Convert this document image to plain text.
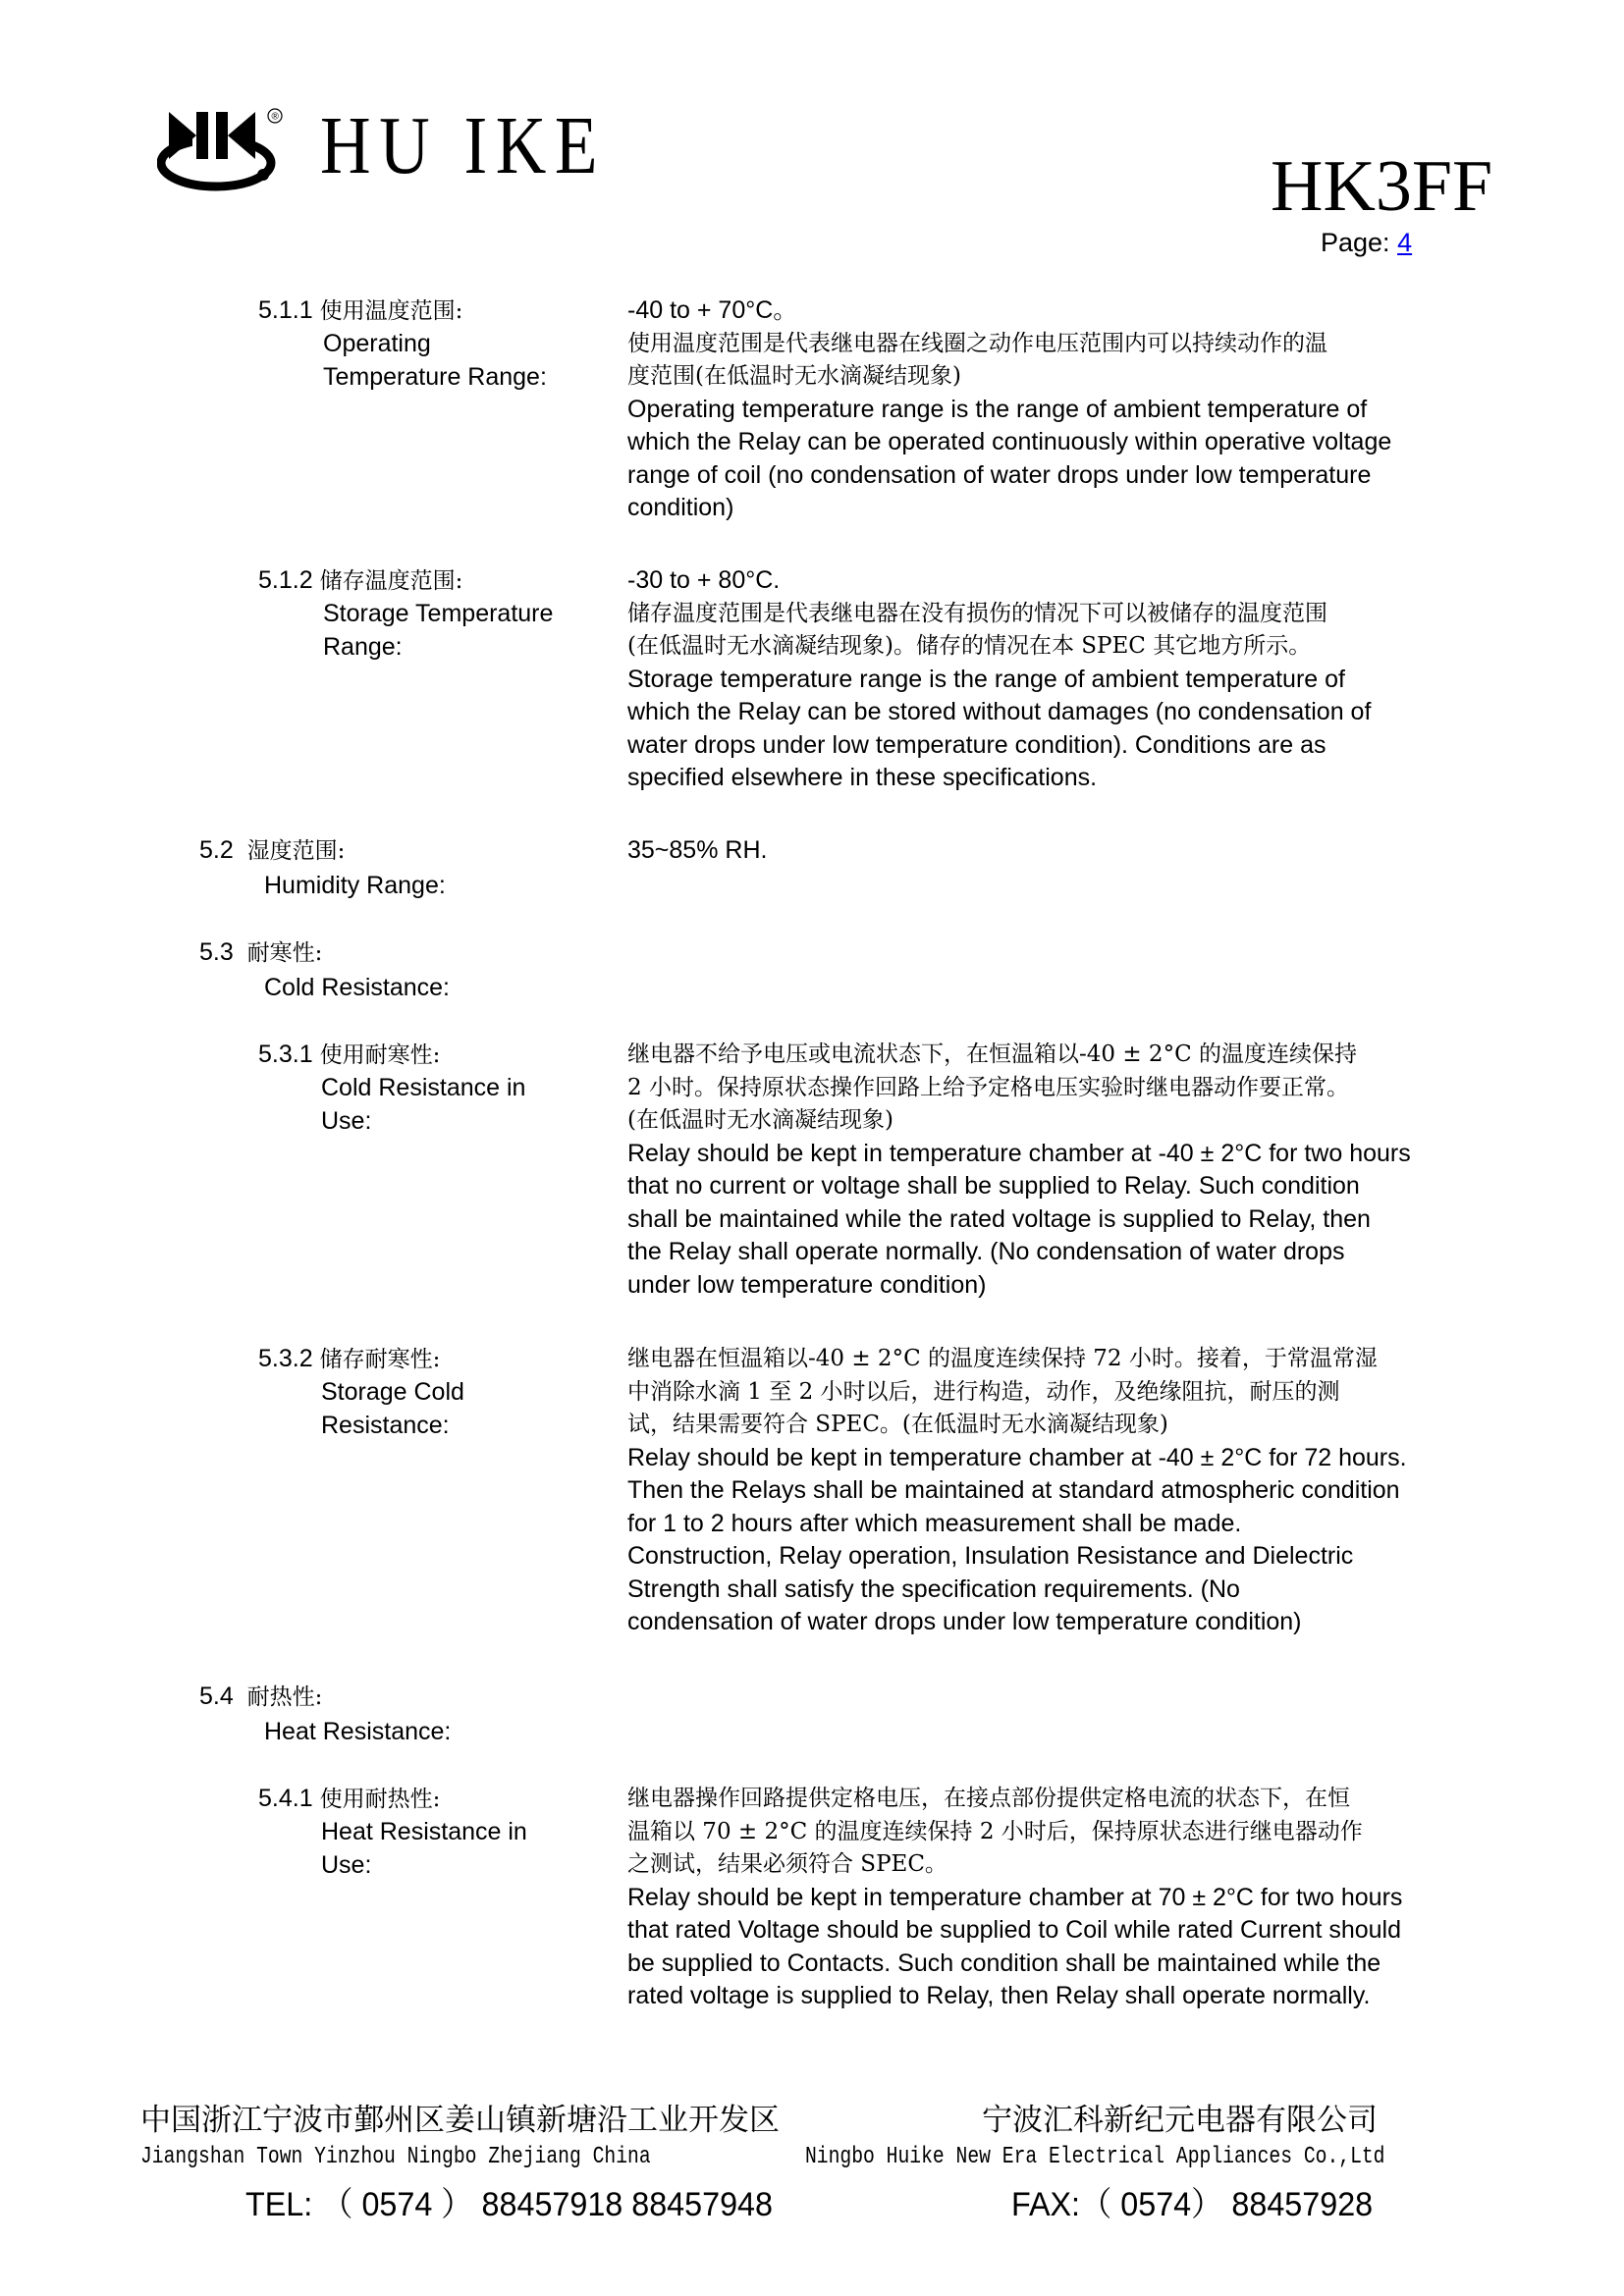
® HU IKE	HK3FF
Page: 4
5.1.1 使用温度范围:
Operating
Temperature Range:
-40 to + 70°C。
使用温度范围是代表继电器在线圈之动作电压范围内可以持续动作的温
度范围(在低温时无水滴凝结现象)
Operating temperature range is the range of ambient temperature of
which the Relay can be operated continuously within operative voltage
range of coil (no condensation of water drops under low temperature
condition)
5.1.2 储存温度范围:
Storage Temperature
Range:
-30 to + 80°C.
储存温度范围是代表继电器在没有损伤的情况下可以被储存的温度范围
(在低温时无水滴凝结现象)。储存的情况在本 SPEC 其它地方所示。
Storage temperature range is the range of ambient temperature of
which the Relay can be stored without damages (no condensation of
water drops under low temperature condition). Conditions are as
specified elsewhere in these specifications.
5.2 湿度范围:
Humidity Range:
35~85% RH.
5.3 耐寒性:
Cold Resistance:
5.3.1 使用耐寒性:
Cold Resistance in
Use:
继电器不给予电压或电流状态下，在恒温箱以-40 ± 2°C 的温度连续保持
2 小时。保持原状态操作回路上给予定格电压实验时继电器动作要正常。
(在低温时无水滴凝结现象)
Relay should be kept in temperature chamber at -40 ± 2°C for two hours
that no current or voltage shall be supplied to Relay. Such condition
shall be maintained while the rated voltage is supplied to Relay, then
the Relay shall operate normally. (No condensation of water drops
under low temperature condition)
5.3.2 储存耐寒性:
Storage Cold
Resistance:
继电器在恒温箱以-40 ± 2°C 的温度连续保持 72 小时。接着，于常温常湿
中消除水滴 1 至 2 小时以后，进行构造，动作，及绝缘阻抗，耐压的测
试，结果需要符合 SPEC。(在低温时无水滴凝结现象)
Relay should be kept in temperature chamber at -40 ± 2°C for 72 hours.
Then the Relays shall be maintained at standard atmospheric condition
for 1 to 2 hours after which measurement shall be made.
Construction, Relay operation, Insulation Resistance and Dielectric
Strength shall satisfy the specification requirements. (No
condensation of water drops under low temperature condition)
5.4 耐热性:
Heat Resistance:
5.4.1 使用耐热性:
Heat Resistance in
Use:
继电器操作回路提供定格电压，在接点部份提供定格电流的状态下，在恒
温箱以 70 ± 2°C 的温度连续保持 2 小时后，保持原状态进行继电器动作
之测试，结果必须符合 SPEC。
Relay should be kept in temperature chamber at 70 ± 2°C for two hours
that rated Voltage should be supplied to Coil while rated Current should
be supplied to Contacts. Such condition shall be maintained while the
rated voltage is supplied to Relay, then Relay shall operate normally.
中国浙江宁波市鄞州区姜山镇新塘沿工业开发区	宁波汇科新纪元电器有限公司
Jiangshan Town Yinzhou Ningbo Zhejiang China	Ningbo Huike New Era Electrical Appliances Co.,Ltd
TEL: （ 0574 ） 88457918 88457948	FAX:（ 0574） 88457928
